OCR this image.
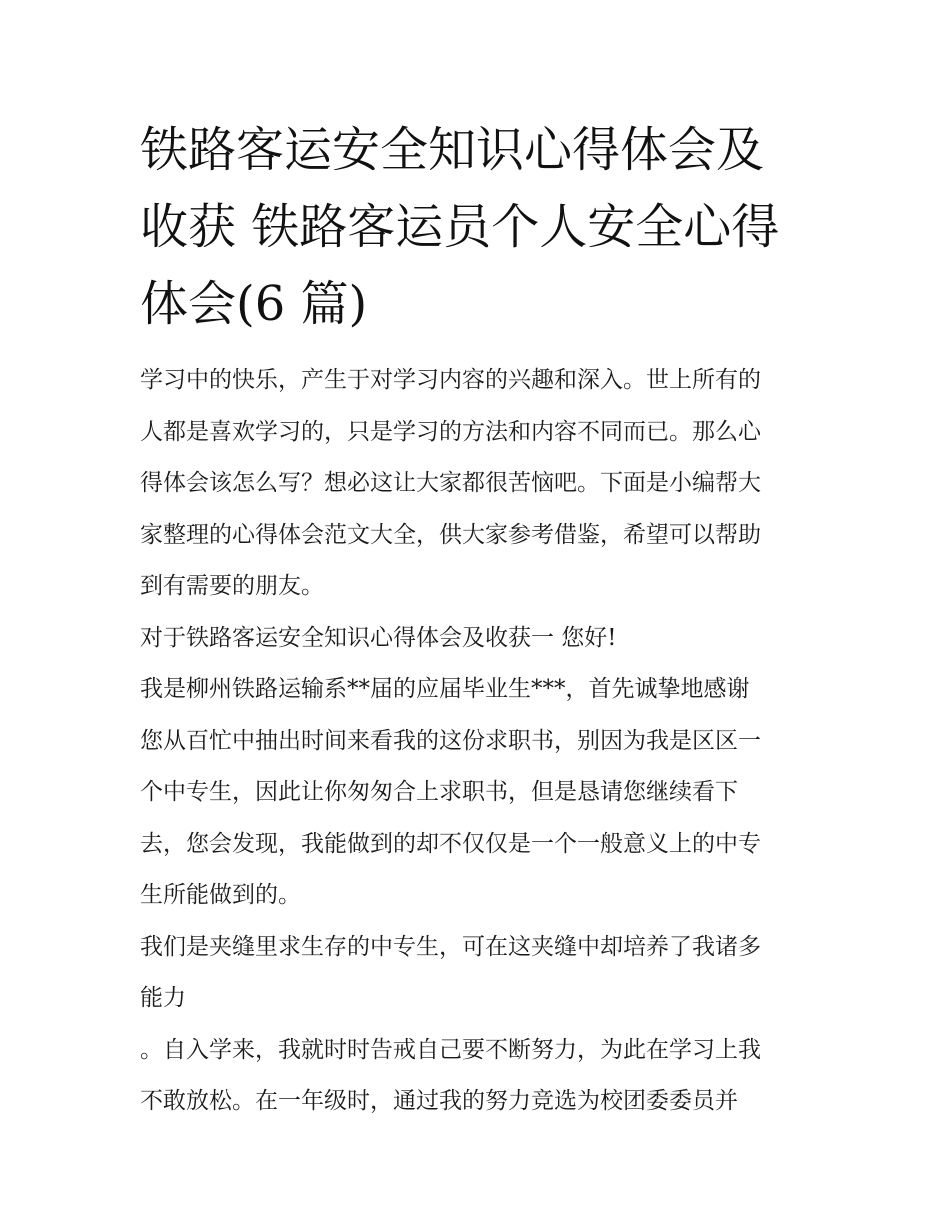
铁路客运安全知识心得体会及
收获 铁路客运员个人安全心得
体会(6 篇)

学习中的快乐，产生于对学习内容的兴趣和深入。世上所有的

人都是喜欢学习的，只是学习的方法和内容不同而已。那么心

得体会该怎么写？想必这让大家都很苦恼吧。下面是小编帮大

家整理的心得体会范文大全，供大家参考借鉴，希望可以帮助

到有需要的朋友。

对于铁路客运安全知识心得体会及收获一 您好!

我是柳州铁路运输系**届的应届毕业生***，首先诚挚地感谢

您从百忙中抽出时间来看我的这份求职书，别因为我是区区一

个中专生，因此让你匆匆合上求职书，但是恳请您继续看下

去，您会发现，我能做到的却不仅仅是一个一般意义上的中专

生所能做到的。

我们是夹缝里求生存的中专生，可在这夹缝中却培养了我诸多

能力

。自入学来，我就时时告戒自己要不断努力，为此在学习上我

不敢放松。在一年级时，通过我的努力竞选为校团委委员并
